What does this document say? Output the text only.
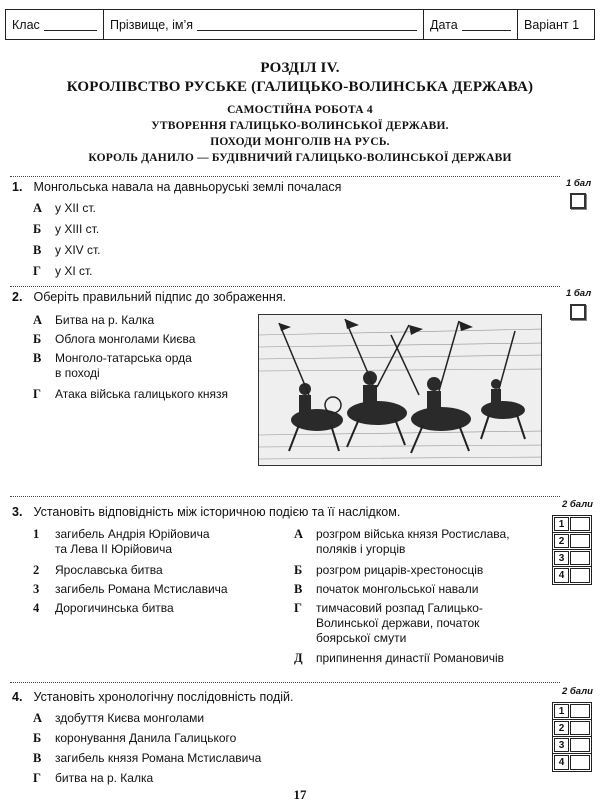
Клас	Прізвище, ім’я	Дата	Варіант 1
РОЗДІЛ IV.
КОРОЛІВСТВО РУСЬКЕ (ГАЛИЦЬКО-ВОЛИНСЬКА ДЕРЖАВА)
САМОСТІЙНА РОБОТА 4
УТВОРЕННЯ ГАЛИЦЬКО-ВОЛИНСЬКОЇ ДЕРЖАВИ.
ПОХОДИ МОНГОЛІВ НА РУСЬ.
КОРОЛЬ ДАНИЛО — БУДІВНИЧИЙ ГАЛИЦЬКО-ВОЛИНСЬКОЇ ДЕРЖАВИ
1 бал
1. Монгольська навала на давньоруські землі почалася
А у XII ст.
Б у XIII ст.
В у XIV ст.
Г у XI ст.
1 бал
2. Оберіть правильний підпис до зображення.
А Битва на р. Калка
Б Облога монголами Києва
В Монголо-татарська орда
в поході
Г Атака війська галицького князя
2 бали
1
2
3
4
3. Установіть відповідність між історичною подією та її наслідком.
1 загибель Андрія Юрійовича
та Лева II Юрійовича
2 Ярославська битва
3 загибель Романа Мстиславича
4 Дорогичинська битва
А розгром війська князя Ростислава,
поляків і угорців
Б розгром рицарів-хрестоносців
В початок монгольської навали
Г тимчасовий розпад Галицько-
Волинської держави, початок
боярської смути
Д припинення династії Романовичів
2 бали
1
2
3
4
4. Установіть хронологічну послідовність подій.
А здобуття Києва монголами
Б коронування Данила Галицького
В загибель князя Романа Мстиславича
Г битва на р. Калка
17
